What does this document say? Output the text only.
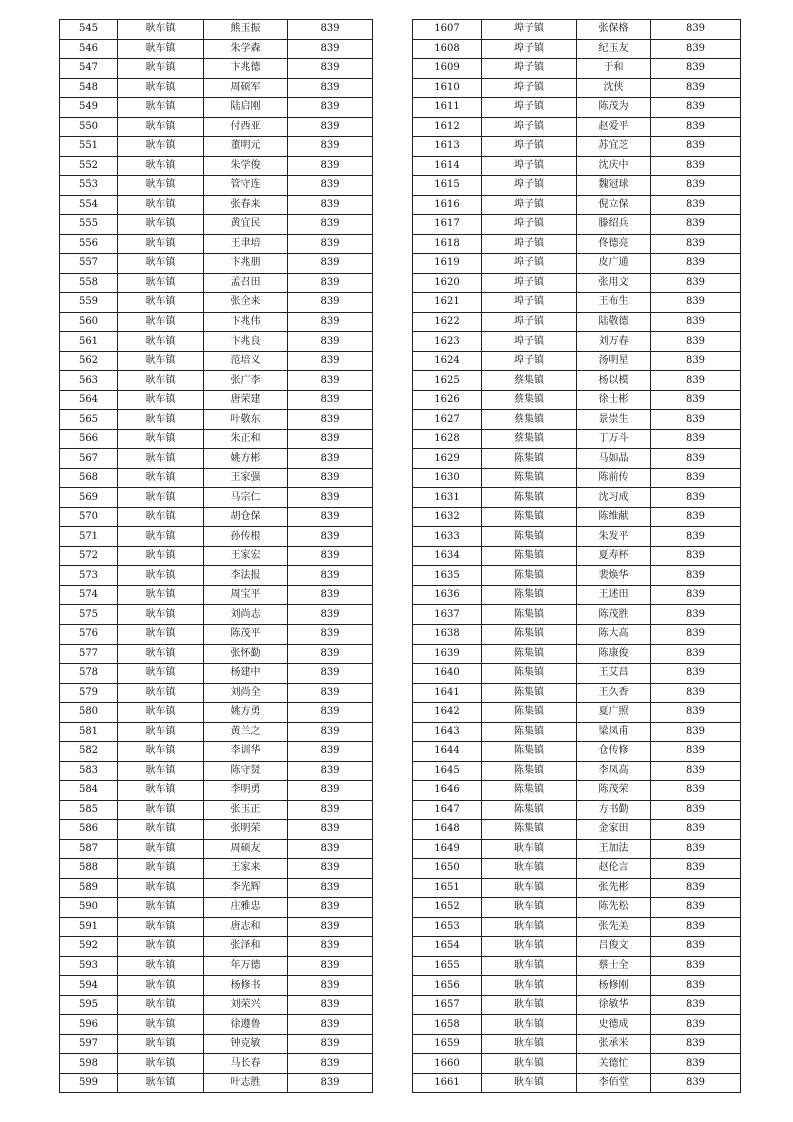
545	耿车镇	熊玉振	839
546	耿车镇	朱学森	839
547	耿车镇	卞兆德	839
548	耿车镇	周硕军	839
549	耿车镇	陆启刚	839
550	耿车镇	付西亚	839
551	耿车镇	董明元	839
552	耿车镇	朱学俊	839
553	耿车镇	管守连	839
554	耿车镇	张春来	839
555	耿车镇	黄宜民	839
556	耿车镇	王聿培	839
557	耿车镇	卞兆朋	839
558	耿车镇	孟召田	839
559	耿车镇	张全来	839
560	耿车镇	卞兆伟	839
561	耿车镇	卞兆良	839
562	耿车镇	范培义	839
563	耿车镇	张广李	839
564	耿车镇	唐荣建	839
565	耿车镇	叶敬东	839
566	耿车镇	朱正和	839
567	耿车镇	姚方彬	839
568	耿车镇	王家强	839
569	耿车镇	马宗仁	839
570	耿车镇	胡仓保	839
571	耿车镇	孙传根	839
572	耿车镇	王家宏	839
573	耿车镇	李法报	839
574	耿车镇	周宝平	839
575	耿车镇	刘尚志	839
576	耿车镇	陈茂平	839
577	耿车镇	张怀勤	839
578	耿车镇	杨建中	839
579	耿车镇	刘尚全	839
580	耿车镇	姚方勇	839
581	耿车镇	黄兰之	839
582	耿车镇	李训华	839
583	耿车镇	陈守贤	839
584	耿车镇	李明勇	839
585	耿车镇	张玉正	839
586	耿车镇	张明荣	839
587	耿车镇	周硕友	839
588	耿车镇	王家来	839
589	耿车镇	李光辉	839
590	耿车镇	庄雅忠	839
591	耿车镇	唐志和	839
592	耿车镇	张泽和	839
593	耿车镇	年万德	839
594	耿车镇	杨修书	839
595	耿车镇	刘荣兴	839
596	耿车镇	徐遵鲁	839
597	耿车镇	钟克敏	839
598	耿车镇	马长春	839
599	耿车镇	叶志胜	839
1607	埠子镇	张保格	839
1608	埠子镇	纪玉友	839
1609	埠子镇	于和	839
1610	埠子镇	沈侠	839
1611	埠子镇	陈茂为	839
1612	埠子镇	赵爱平	839
1613	埠子镇	苏宜芝	839
1614	埠子镇	沈庆中	839
1615	埠子镇	魏冠球	839
1616	埠子镇	倪立保	839
1617	埠子镇	滕绍兵	839
1618	埠子镇	佟德亮	839
1619	埠子镇	皮广通	839
1620	埠子镇	张用文	839
1621	埠子镇	王布生	839
1622	埠子镇	陆敬德	839
1623	埠子镇	刘万春	839
1624	埠子镇	汤明星	839
1625	蔡集镇	杨以模	839
1626	蔡集镇	徐士彬	839
1627	蔡集镇	景崇生	839
1628	蔡集镇	丁万斗	839
1629	陈集镇	马如晶	839
1630	陈集镇	陈前传	839
1631	陈集镇	沈习成	839
1632	陈集镇	陈维献	839
1633	陈集镇	朱发平	839
1634	陈集镇	夏寿杯	839
1635	陈集镇	裴焕华	839
1636	陈集镇	王述田	839
1637	陈集镇	陈茂胜	839
1638	陈集镇	陈大高	839
1639	陈集镇	陈康俊	839
1640	陈集镇	王艾昌	839
1641	陈集镇	王久香	839
1642	陈集镇	夏广照	839
1643	陈集镇	梁凤甫	839
1644	陈集镇	仓传修	839
1645	陈集镇	李凤高	839
1646	陈集镇	陈茂荣	839
1647	陈集镇	方书勤	839
1648	陈集镇	金家田	839
1649	耿车镇	王加法	839
1650	耿车镇	赵伦言	839
1651	耿车镇	张先彬	839
1652	耿车镇	陈先松	839
1653	耿车镇	张先美	839
1654	耿车镇	吕俊文	839
1655	耿车镇	蔡士全	839
1656	耿车镇	杨修刚	839
1657	耿车镇	徐敏华	839
1658	耿车镇	史德成	839
1659	耿车镇	张承米	839
1660	耿车镇	关德忙	839
1661	耿车镇	李佰堂	839
